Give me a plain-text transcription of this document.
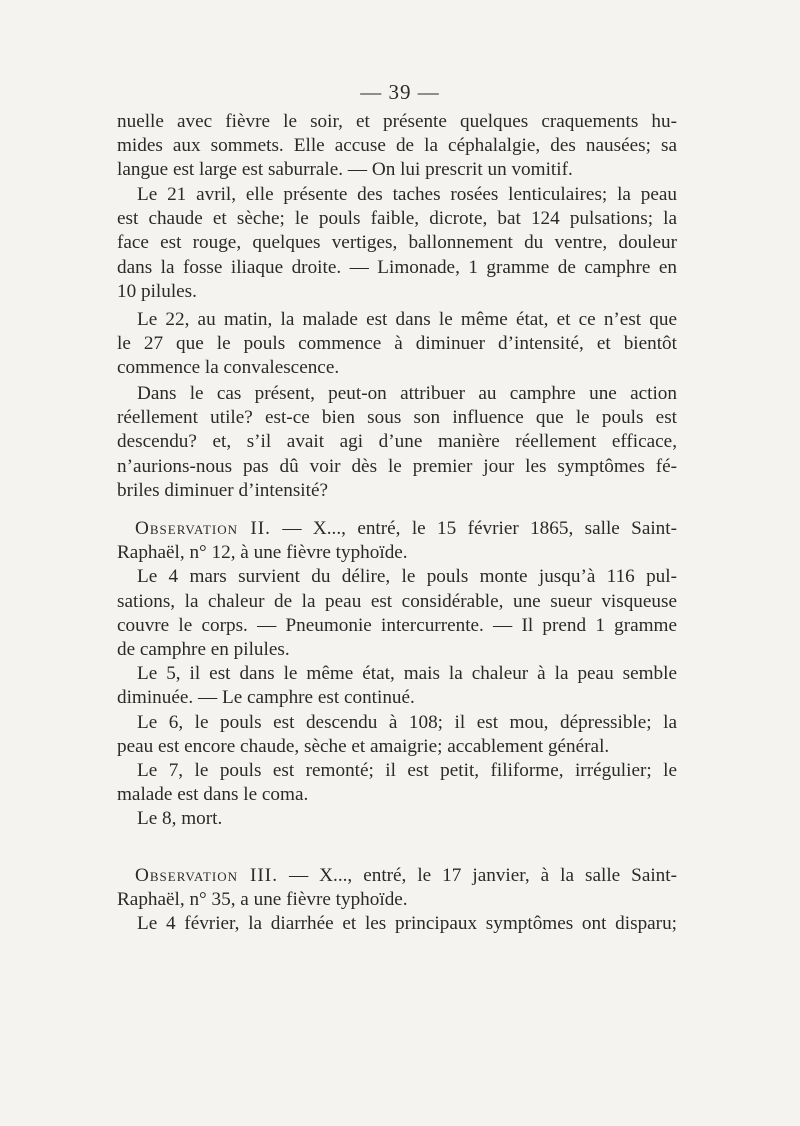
— 39 —
nuelle avec fièvre le soir, et présente quelques craquements hu-
mides aux sommets. Elle accuse de la céphalalgie, des nausées; sa
langue est large est saburrale. — On lui prescrit un vomitif.
Le 21 avril, elle présente des taches rosées lenticulaires; la peau
est chaude et sèche; le pouls faible, dicrote, bat 124 pulsations; la
face est rouge, quelques vertiges, ballonnement du ventre, douleur
dans la fosse iliaque droite. — Limonade, 1 gramme de camphre en
10 pilules.
Le 22, au matin, la malade est dans le même état, et ce n’est que
le 27 que le pouls commence à diminuer d’intensité, et bientôt
commence la convalescence.
Dans le cas présent, peut-on attribuer au camphre une action
réellement utile? est-ce bien sous son influence que le pouls est
descendu? et, s’il avait agi d’une manière réellement efficace,
n’aurions-nous pas dû voir dès le premier jour les symptômes fé-
briles diminuer d’intensité?
Observation II. — X..., entré, le 15 février 1865, salle Saint-
Raphaël, n° 12, à une fièvre typhoïde.
Le 4 mars survient du délire, le pouls monte jusqu’à 116 pul-
sations, la chaleur de la peau est considérable, une sueur visqueuse
couvre le corps. — Pneumonie intercurrente. — Il prend 1 gramme
de camphre en pilules.
Le 5, il est dans le même état, mais la chaleur à la peau semble
diminuée. — Le camphre est continué.
Le 6, le pouls est descendu à 108; il est mou, dépressible; la
peau est encore chaude, sèche et amaigrie; accablement général.
Le 7, le pouls est remonté; il est petit, filiforme, irrégulier; le
malade est dans le coma.
Le 8, mort.
Observation III. — X..., entré, le 17 janvier, à la salle Saint-
Raphaël, n° 35, a une fièvre typhoïde.
Le 4 février, la diarrhée et les principaux symptômes ont disparu;
